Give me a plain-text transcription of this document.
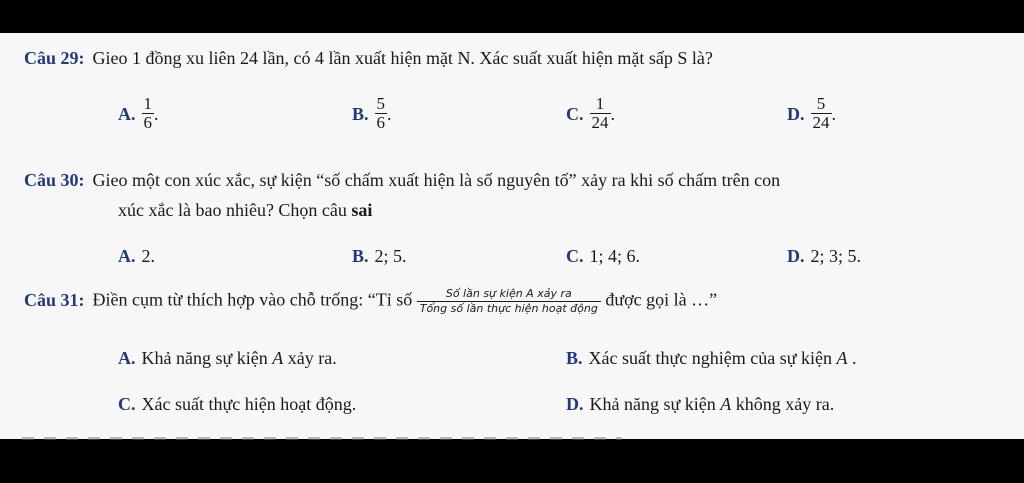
Câu 29: Gieo 1 đồng xu liên 24 lần, có 4 lần xuất hiện mặt N. Xác suất xuất hiện mặt sấp S là?
A. $\frac{1}{6}$ .	B. $\frac{5}{6}$ .	C. $\frac{1}{24}$ .	D. $\frac{5}{24}$ .
Câu 30: Gieo một con xúc xắc, sự kiện “số chấm xuất hiện là số nguyên tố” xảy ra khi số chấm trên con
xúc xắc là bao nhiêu? Chọn câu sai
A. 2.	B. 2; 5.	C. 1; 4; 6.	D. 2; 3; 5.
Câu 31: Điền cụm từ thích hợp vào chỗ trống: “Tỉ số	Số lần sự kiện A xảy ra
Tổng số lần thực hiện hoạt động được gọi là …”
A. Khả năng sự kiện A xảy ra.	B. Xác suất thực nghiệm của sự kiện A .
C. Xác suất thực hiện hoạt động.	D. Khả năng sự kiện A không xảy ra.
